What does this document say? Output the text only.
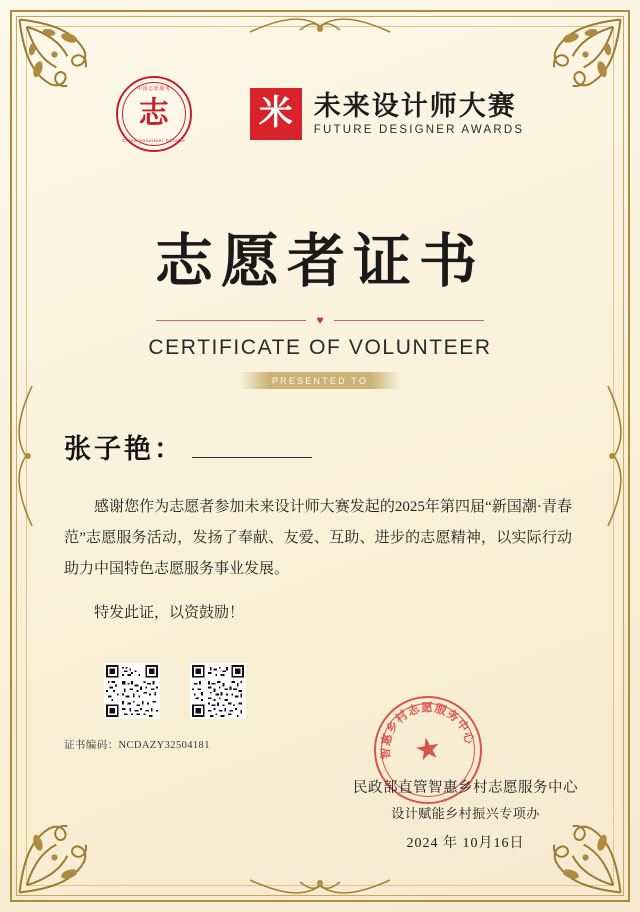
中国志愿服务
志
China Volunteer Service
米 未来设计师大赛
FUTURE DESIGNER AWARDS
志愿者证书
♥
CERTIFICATE OF VOLUNTEER
PRESENTED TO
张子艳：

感谢您作为志愿者参加未来设计师大赛发起的2025年第四届“新国潮·青春范”志愿服务活动，发扬了奉献、友爱、互助、进步的志愿精神，以实际行动助力中国特色志愿服务事业发展。

特发此证，以资鼓励！

证书编码：NCDAZY32504181
智惠乡村志愿服务中心
★
民政部直管智惠乡村志愿服务中心
设计赋能乡村振兴专项办
2024 年 10月16日
